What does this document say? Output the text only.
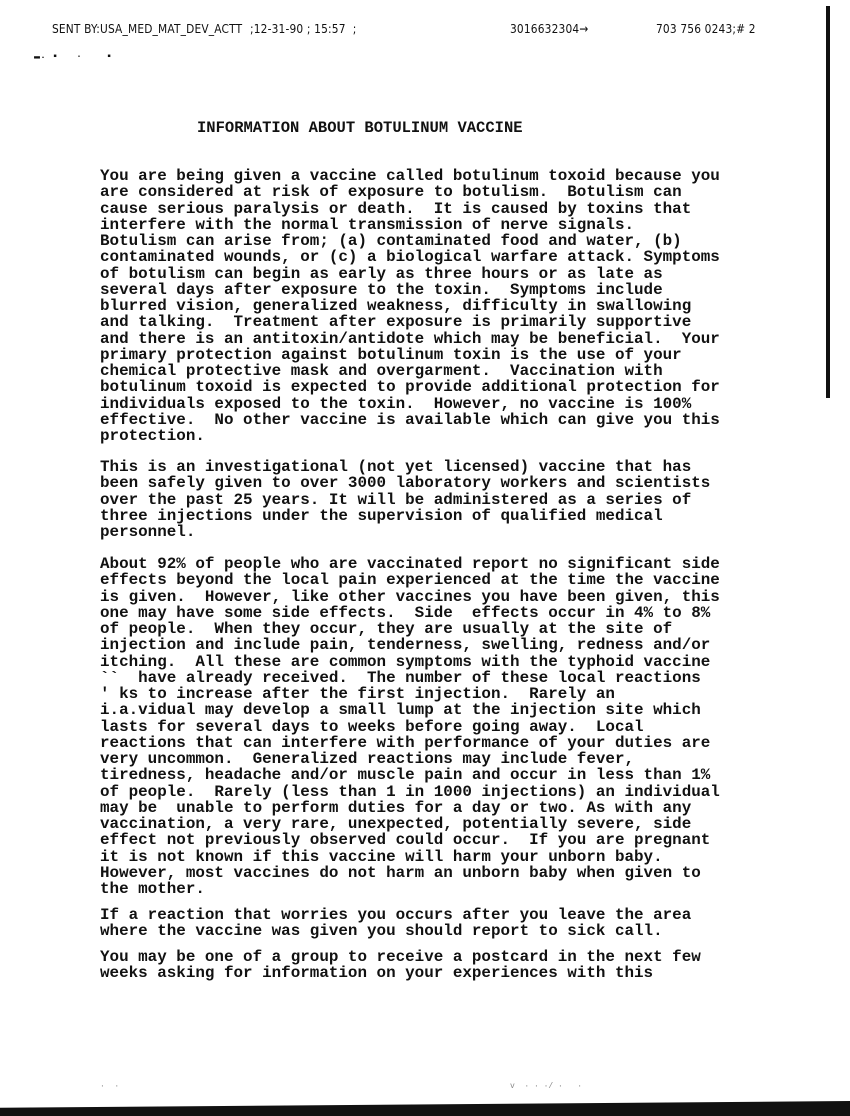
SENT BY:USA_MED_MAT_DEV_ACTT ;12-31-90 ; 15:57  ;	3016632304→	703 756 0243;# 2
▬˖ ▪   ·    ▪
INFORMATION ABOUT BOTULINUM VACCINE
You are being given a vaccine called botulinum toxoid because you
are considered at risk of exposure to botulism.  Botulism can
cause serious paralysis or death.  It is caused by toxins that
interfere with the normal transmission of nerve signals.
Botulism can arise from; (a) contaminated food and water, (b)
contaminated wounds, or (c) a biological warfare attack. Symptoms
of botulism can begin as early as three hours or as late as
several days after exposure to the toxin.  Symptoms include
blurred vision, generalized weakness, difficulty in swallowing
and talking.  Treatment after exposure is primarily supportive
and there is an antitoxin/antidote which may be beneficial.  Your
primary protection against botulinum toxin is the use of your
chemical protective mask and overgarment.  Vaccination with
botulinum toxoid is expected to provide additional protection for
individuals exposed to the toxin.  However, no vaccine is 100%
effective.  No other vaccine is available which can give you this
protection.
This is an investigational (not yet licensed) vaccine that has
been safely given to over 3000 laboratory workers and scientists
over the past 25 years. It will be administered as a series of
three injections under the supervision of qualified medical
personnel.
About 92% of people who are vaccinated report no significant side
effects beyond the local pain experienced at the time the vaccine
is given.  However, like other vaccines you have been given, this
one may have some side effects.  Side  effects occur in 4% to 8%
of people.  When they occur, they are usually at the site of
injection and include pain, tenderness, swelling, redness and/or
itching.  All these are common symptoms with the typhoid vaccine
``  have already received.  The number of these local reactions
' ks to increase after the first injection.  Rarely an
i.a.vidual may develop a small lump at the injection site which
lasts for several days to weeks before going away.  Local
reactions that can interfere with performance of your duties are
very uncommon.  Generalized reactions may include fever,
tiredness, headache and/or muscle pain and occur in less than 1%
of people.  Rarely (less than 1 in 1000 injections) an individual
may be  unable to perform duties for a day or two. As with any
vaccination, a very rare, unexpected, potentially severe, side
effect not previously observed could occur.  If you are pregnant
it is not known if this vaccine will harm your unborn baby.
However, most vaccines do not harm an unborn baby when given to
the mother.
If a reaction that worries you occurs after you leave the area
where the vaccine was given you should report to sick call.
You may be one of a group to receive a postcard in the next few
weeks asking for information on your experiences with this
·  ·	v  · · ·/ ·   ·
